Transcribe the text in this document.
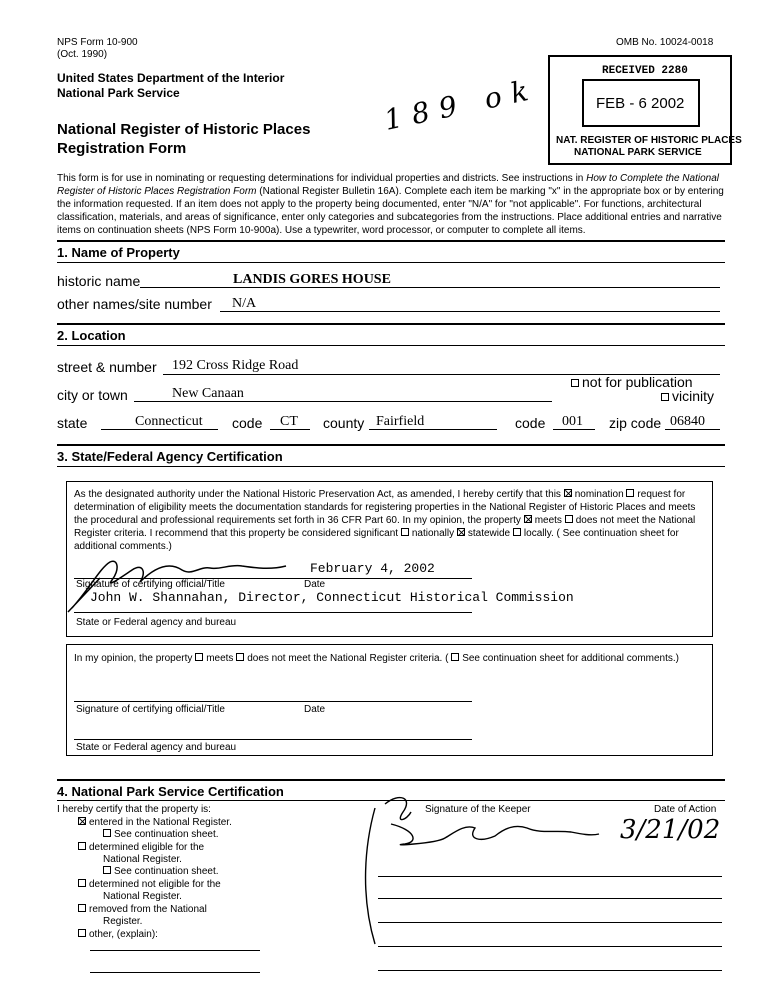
NPS Form 10-900
(Oct. 1990)
OMB No. 10024-0018
United States Department of the Interior
National Park Service
National Register of Historic Places
Registration Form
189 ok
RECEIVED 2280
FEB - 6 2002
NAT. REGISTER OF HISTORIC PLACES
NATIONAL PARK SERVICE
This form is for use in nominating or requesting determinations for individual properties and districts. See instructions in How to Complete the National Register of Historic Places Registration Form (National Register Bulletin 16A). Complete each item be marking "x" in the appropriate box or by entering the information requested. If an item does not apply to the property being documented, enter "N/A" for "not applicable". For functions, architectural classification, materials, and areas of significance, enter only categories and subcategories from the instructions. Place additional entries and narrative items on continuation sheets (NPS Form 10-900a). Use a typewriter, word processor, or computer to complete all items.
1. Name of Property
historic name	LANDIS GORES HOUSE
other names/site number N/A
2. Location
street & number 192 Cross Ridge Road
not for publication
city or town	New Canaan	vicinity
state	Connecticut code CT county Fairfield	code 001 zip code 06840
3. State/Federal Agency Certification
As the designated authority under the National Historic Preservation Act, as amended, I hereby certify that this nomination request for determination of eligibility meets the documentation standards for registering properties in the National Register of Historic Places and meets the procedural and professional requirements set forth in 36 CFR Part 60. In my opinion, the property meets does not meet the National Register criteria. I recommend that this property be considered significant nationally statewide locally. ( See continuation sheet for additional comments.)
February 4, 2002
Signature of certifying official/Title	Date
John W. Shannahan, Director, Connecticut Historical Commission
State or Federal agency and bureau
In my opinion, the property meets does not meet the National Register criteria. ( See continuation sheet for additional comments.)
Signature of certifying official/Title	Date
State or Federal agency and bureau
4. National Park Service Certification
I hereby certify that the property is:
entered in the National Register.
See continuation sheet.
determined eligible for the
National Register.
See continuation sheet.
determined not eligible for the
National Register.
removed from the National
Register.
other, (explain):
Signature of the Keeper	Date of Action
3/21/02
